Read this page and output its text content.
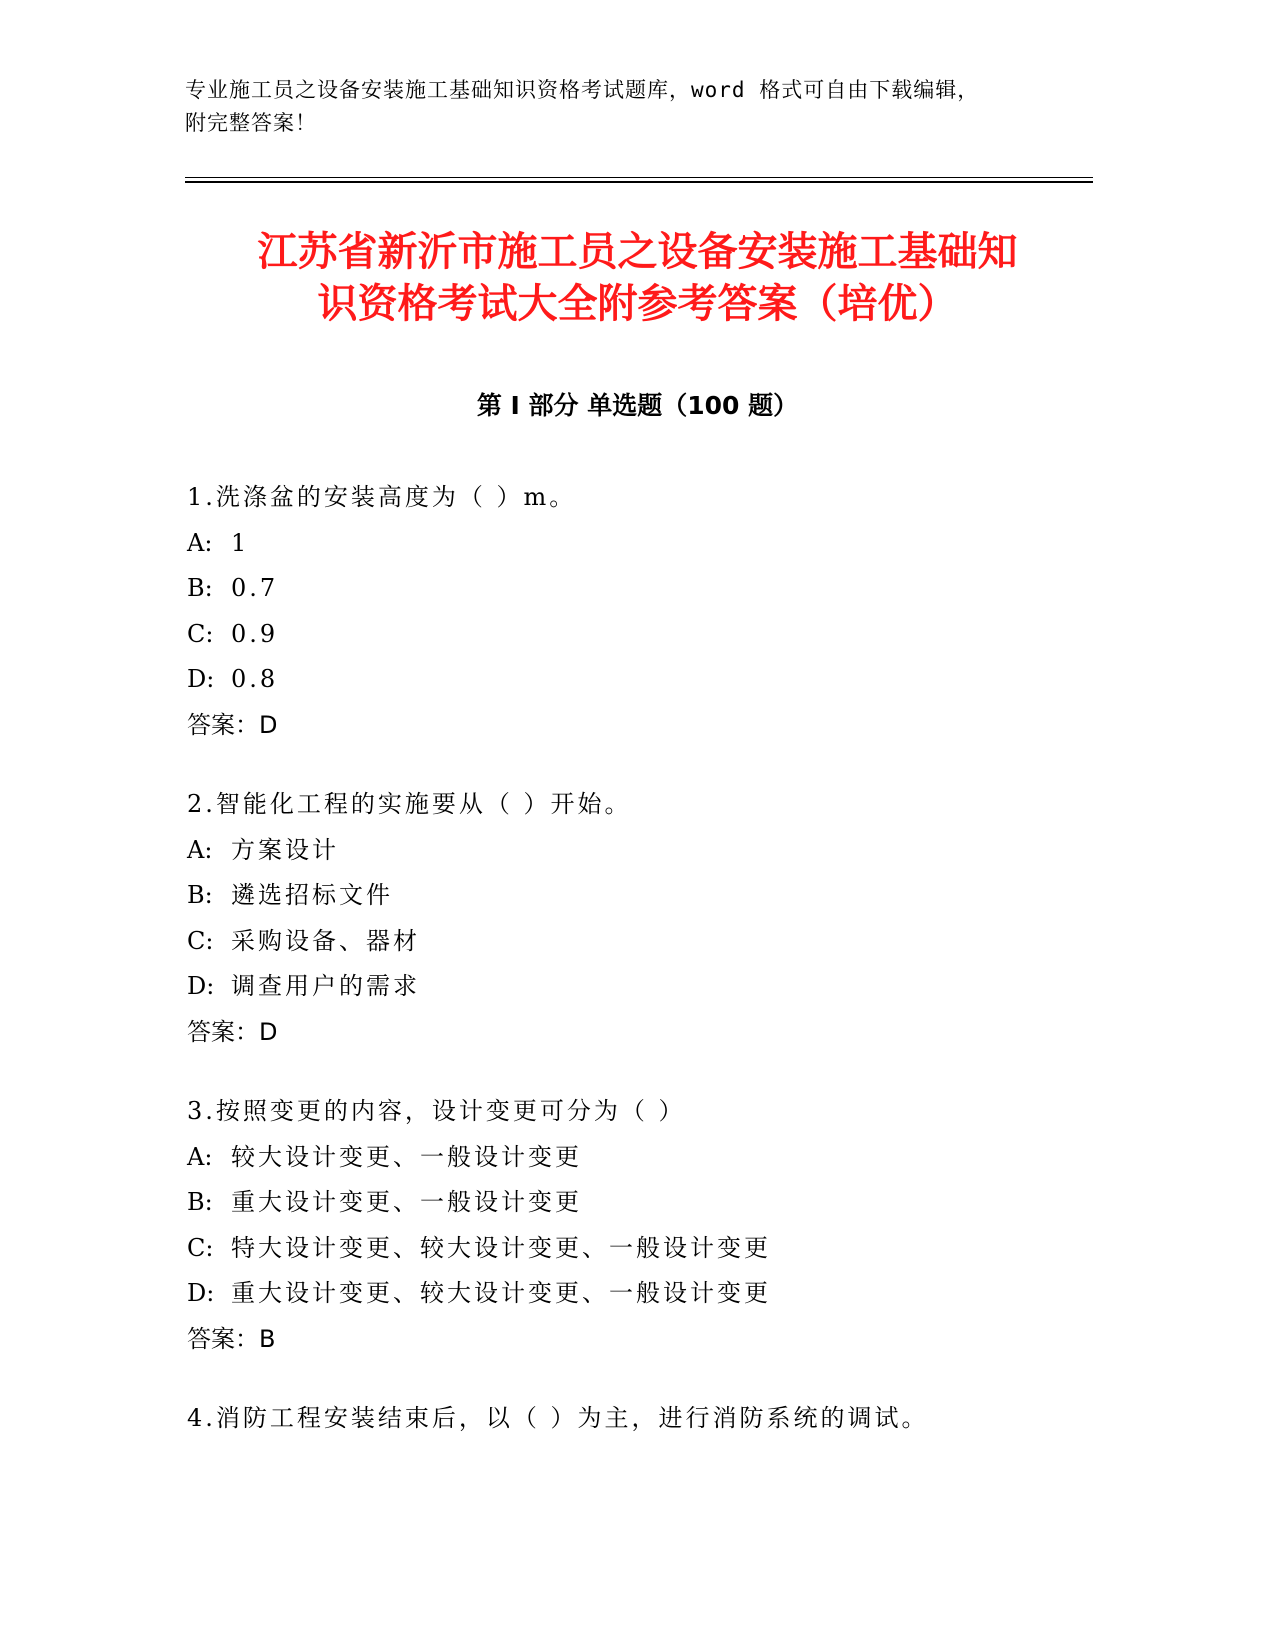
专业施工员之设备安装施工基础知识资格考试题库，word 格式可自由下载编辑，
附完整答案！
江苏省新沂市施工员之设备安装施工基础知
识资格考试大全附参考答案（培优）
第 I 部分 单选题（100 题）
1.洗涤盆的安装高度为（ ）m。
A: 1
B: 0.7
C: 0.9
D: 0.8
答案：D
2.智能化工程的实施要从（ ）开始。
A: 方案设计
B: 遴选招标文件
C: 采购设备、器材
D: 调查用户的需求
答案：D
3.按照变更的内容，设计变更可分为（ ）
A: 较大设计变更、一般设计变更
B: 重大设计变更、一般设计变更
C: 特大设计变更、较大设计变更、一般设计变更
D: 重大设计变更、较大设计变更、一般设计变更
答案：B
4.消防工程安装结束后，以（ ）为主，进行消防系统的调试。
